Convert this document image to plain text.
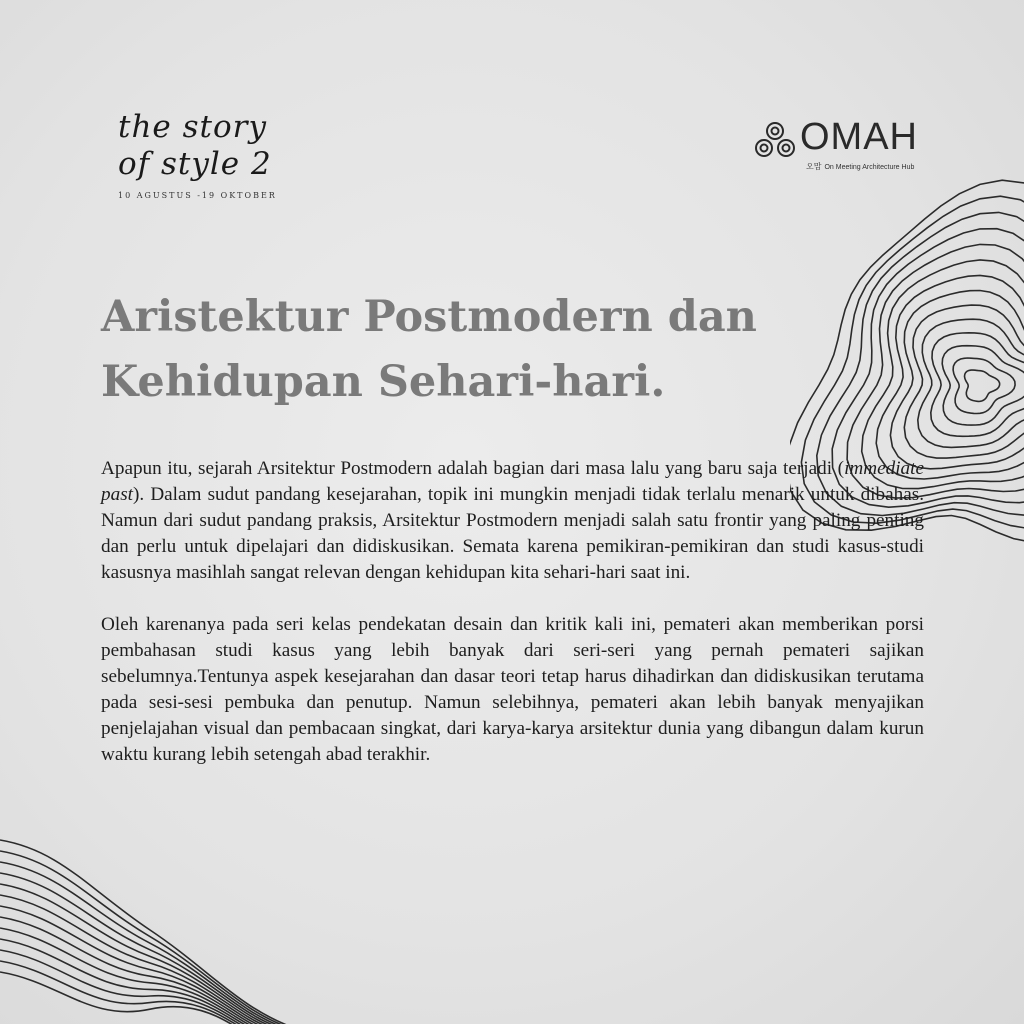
the story
of style 2
10 AGUSTUS -19 OKTOBER
OMAH
오맘 On Meeting Architecture Hub
Aristektur Postmodern dan
Kehidupan Sehari-hari.

Apapun itu, sejarah Arsitektur Postmodern adalah bagian dari masa lalu yang baru saja terjadi (immediate past). Dalam sudut pandang kesejarahan, topik ini mungkin menjadi tidak terlalu menarik untuk dibahas. Namun dari sudut pandang praksis, Arsitektur Postmodern menjadi salah satu frontir yang paling penting dan perlu untuk dipelajari dan didiskusikan. Semata karena pemikiran-pemikiran dan studi kasus-studi kasusnya masihlah sangat relevan dengan kehidupan kita sehari-hari saat ini.

Oleh karenanya pada seri kelas pendekatan desain dan kritik kali ini, pemateri akan memberikan porsi pembahasan studi kasus yang lebih banyak dari seri-seri yang pernah pemateri sajikan sebelumnya.Tentunya aspek kesejarahan dan dasar teori tetap harus dihadirkan dan didiskusikan terutama pada sesi-sesi pembuka dan penutup. Namun selebihnya, pemateri akan lebih banyak menyajikan penjelajahan visual dan pembacaan singkat, dari karya-karya arsitektur dunia yang dibangun dalam kurun waktu kurang lebih setengah abad terakhir.
